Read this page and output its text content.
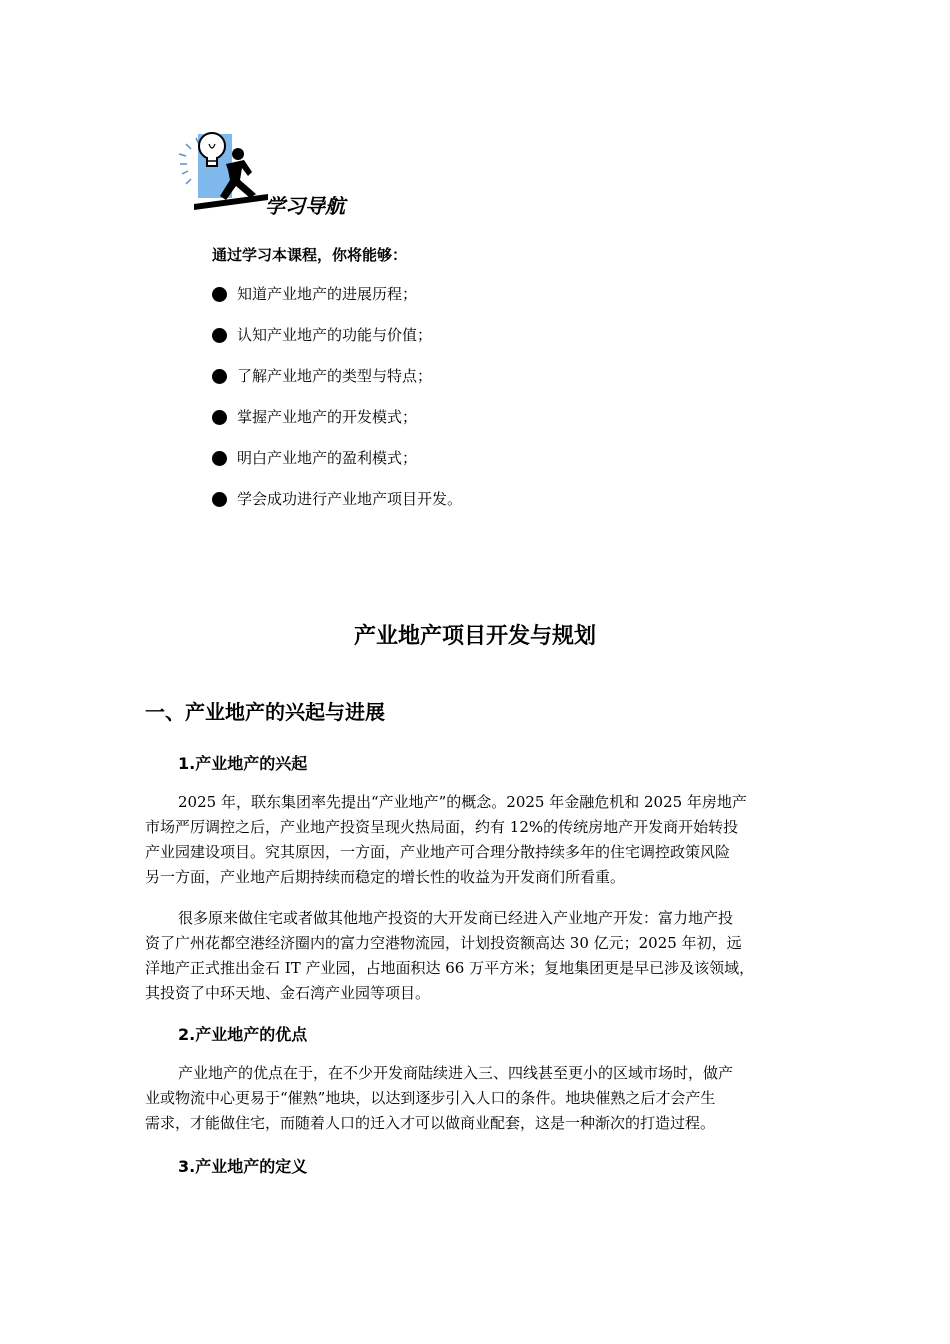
学习导航
通过学习本课程，你将能够：
知道产业地产的进展历程；
认知产业地产的功能与价值；
了解产业地产的类型与特点；
掌握产业地产的开发模式；
明白产业地产的盈利模式；
学会成功进行产业地产项目开发。
产业地产项目开发与规划
一、产业地产的兴起与进展
1.产业地产的兴起
2025 年，联东集团率先提出“产业地产”的概念。2025 年金融危机和 2025 年房地产
市场严厉调控之后，产业地产投资呈现火热局面，约有 12%的传统房地产开发商开始转投
产业园建设项目。究其原因，一方面，产业地产可合理分散持续多年的住宅调控政策风险
另一方面，产业地产后期持续而稳定的增长性的收益为开发商们所看重。
很多原来做住宅或者做其他地产投资的大开发商已经进入产业地产开发：富力地产投
资了广州花都空港经济圈内的富力空港物流园，计划投资额高达 30 亿元；2025 年初，远
洋地产正式推出金石 IT 产业园，占地面积达 66 万平方米；复地集团更是早已涉及该领域，
其投资了中环天地、金石湾产业园等项目。
2.产业地产的优点
产业地产的优点在于，在不少开发商陆续进入三、四线甚至更小的区域市场时，做产
业或物流中心更易于“催熟”地块，以达到逐步引入人口的条件。地块催熟之后才会产生
需求，才能做住宅，而随着人口的迁入才可以做商业配套，这是一种渐次的打造过程。
3.产业地产的定义
